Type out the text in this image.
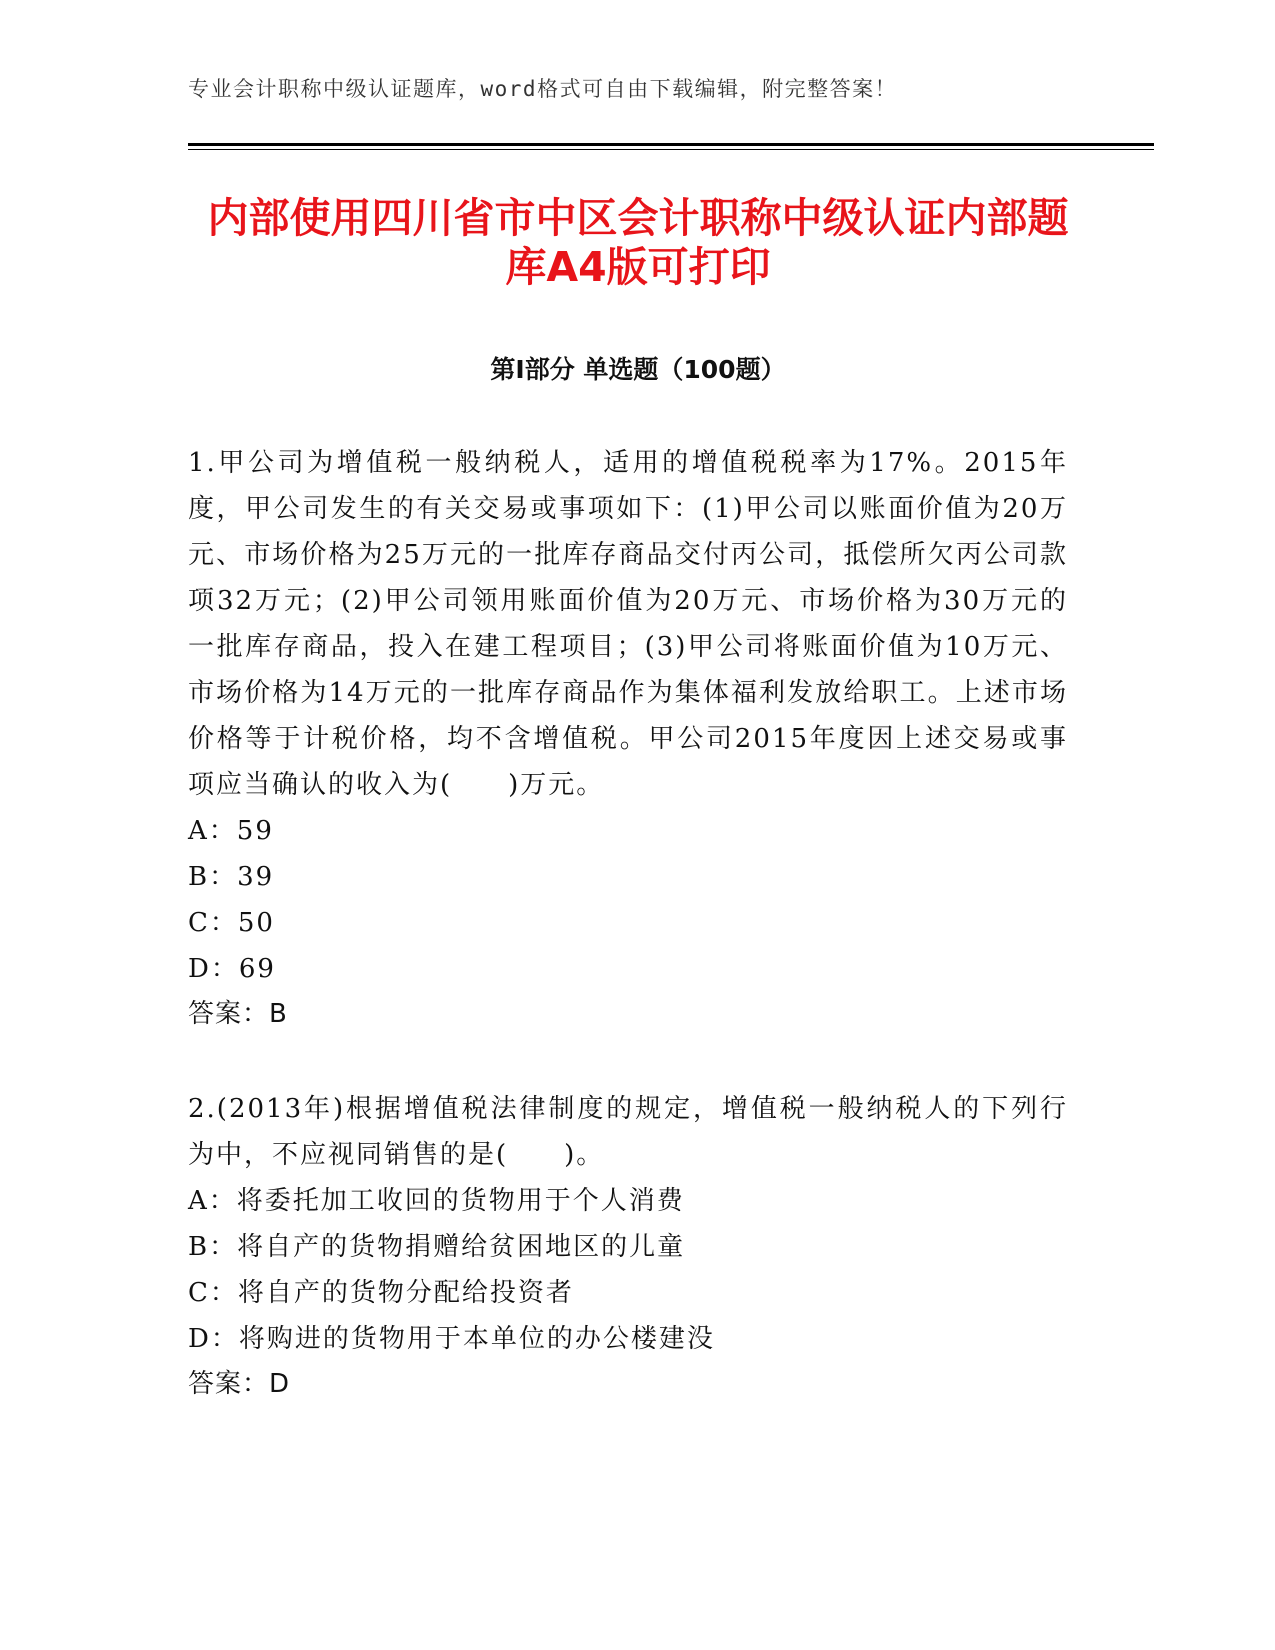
专业会计职称中级认证题库，word格式可自由下载编辑，附完整答案！
内部使用四川省市中区会计职称中级认证内部题库A4版可打印
第Ⅰ部分 单选题（100题）

1.甲公司为增值税一般纳税人，适用的增值税税率为17%。2015年度，甲公司发生的有关交易或事项如下：(1)甲公司以账面价值为20万元、市场价格为25万元的一批库存商品交付丙公司，抵偿所欠丙公司款项32万元；(2)甲公司领用账面价值为20万元、市场价格为30万元的一批库存商品，投入在建工程项目；(3)甲公司将账面价值为10万元、市场价格为14万元的一批库存商品作为集体福利发放给职工。上述市场价格等于计税价格，均不含增值税。甲公司2015年度因上述交易或事项应当确认的收入为(　　)万元。

A：59

B：39

C：50

D：69

答案：B

2.(2013年)根据增值税法律制度的规定，增值税一般纳税人的下列行为中，不应视同销售的是(　　)。

A：将委托加工收回的货物用于个人消费

B：将自产的货物捐赠给贫困地区的儿童

C：将自产的货物分配给投资者

D：将购进的货物用于本单位的办公楼建没

答案：D
